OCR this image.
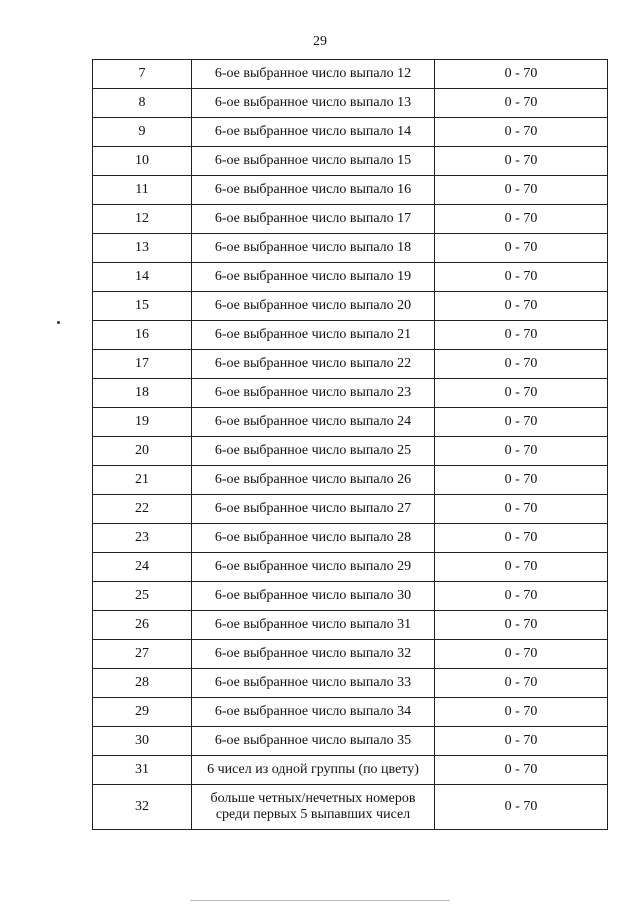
29
7	6-ое выбранное число выпало 12	0 - 70
8	6-ое выбранное число выпало 13	0 - 70
9	6-ое выбранное число выпало 14	0 - 70
10	6-ое выбранное число выпало 15	0 - 70
11	6-ое выбранное число выпало 16	0 - 70
12	6-ое выбранное число выпало 17	0 - 70
13	6-ое выбранное число выпало 18	0 - 70
14	6-ое выбранное число выпало 19	0 - 70
15	6-ое выбранное число выпало 20	0 - 70
16	6-ое выбранное число выпало 21	0 - 70
17	6-ое выбранное число выпало 22	0 - 70
18	6-ое выбранное число выпало 23	0 - 70
19	6-ое выбранное число выпало 24	0 - 70
20	6-ое выбранное число выпало 25	0 - 70
21	6-ое выбранное число выпало 26	0 - 70
22	6-ое выбранное число выпало 27	0 - 70
23	6-ое выбранное число выпало 28	0 - 70
24	6-ое выбранное число выпало 29	0 - 70
25	6-ое выбранное число выпало 30	0 - 70
26	6-ое выбранное число выпало 31	0 - 70
27	6-ое выбранное число выпало 32	0 - 70
28	6-ое выбранное число выпало 33	0 - 70
29	6-ое выбранное число выпало 34	0 - 70
30	6-ое выбранное число выпало 35	0 - 70
31	6 чисел из одной группы (по цвету)	0 - 70
32	больше четных/нечетных номеров
среди первых 5 выпавших чисел	0 - 70
